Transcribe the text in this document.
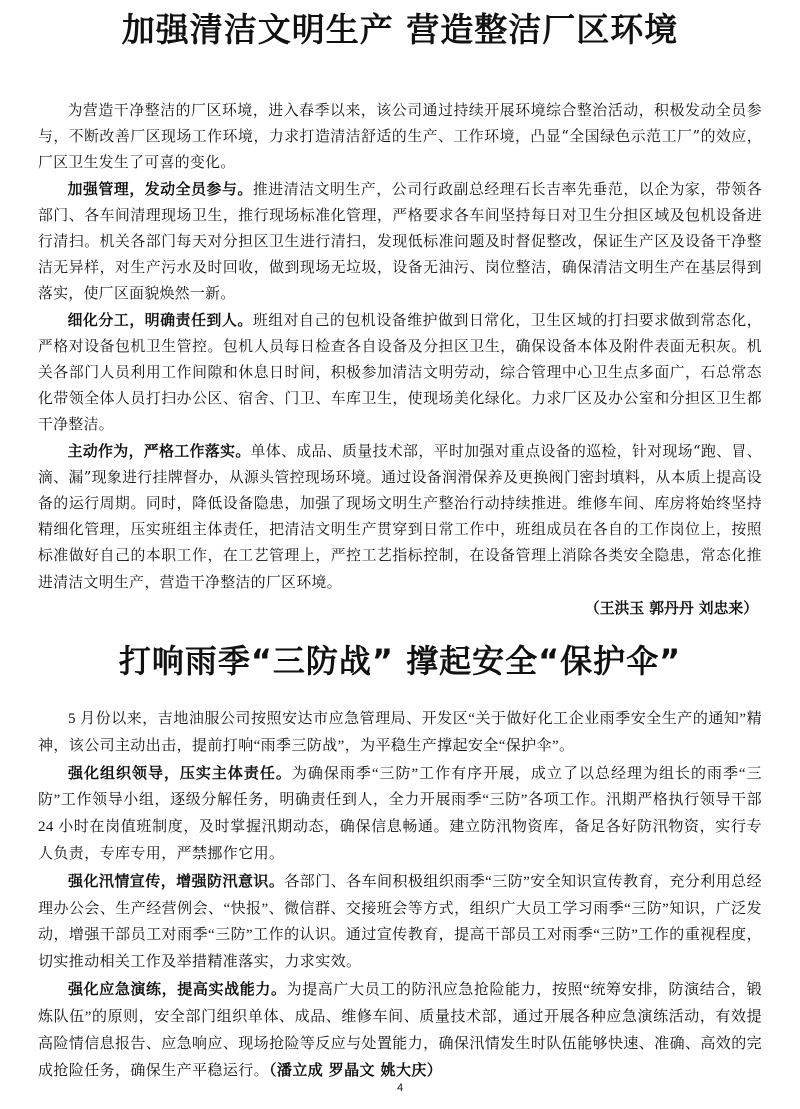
加强清洁文明生产 营造整洁厂区环境

为营造干净整洁的厂区环境，进入春季以来，该公司通过持续开展环境综合整治活动，积极发动全员参与，不断改善厂区现场工作环境，力求打造清洁舒适的生产、工作环境，凸显“全国绿色示范工厂”的效应，厂区卫生发生了可喜的变化。

加强管理，发动全员参与。推进清洁文明生产，公司行政副总经理石长吉率先垂范，以企为家，带领各部门、各车间清理现场卫生，推行现场标准化管理，严格要求各车间坚持每日对卫生分担区域及包机设备进行清扫。机关各部门每天对分担区卫生进行清扫，发现低标准问题及时督促整改，保证生产区及设备干净整洁无异样，对生产污水及时回收，做到现场无垃圾，设备无油污、岗位整洁，确保清洁文明生产在基层得到落实，使厂区面貌焕然一新。

细化分工，明确责任到人。班组对自己的包机设备维护做到日常化，卫生区域的打扫要求做到常态化，严格对设备包机卫生管控。包机人员每日检查各自设备及分担区卫生，确保设备本体及附件表面无积灰。机关各部门人员利用工作间隙和休息日时间，积极参加清洁文明劳动，综合管理中心卫生点多面广，石总常态化带领全体人员打扫办公区、宿舍、门卫、车库卫生，使现场美化绿化。力求厂区及办公室和分担区卫生都干净整洁。

主动作为，严格工作落实。单体、成品、质量技术部，平时加强对重点设备的巡检，针对现场“跑、冒、滴、漏”现象进行挂牌督办，从源头管控现场环境。通过设备润滑保养及更换阀门密封填料，从本质上提高设备的运行周期。同时，降低设备隐患，加强了现场文明生产整治行动持续推进。维修车间、库房将始终坚持精细化管理，压实班组主体责任，把清洁文明生产贯穿到日常工作中，班组成员在各自的工作岗位上，按照标准做好自己的本职工作，在工艺管理上，严控工艺指标控制，在设备管理上消除各类安全隐患，常态化推进清洁文明生产，营造干净整洁的厂区环境。

（王洪玉 郭丹丹 刘忠来）
打响雨季“三防战” 撑起安全“保护伞”

5 月份以来，吉地油服公司按照安达市应急管理局、开发区“关于做好化工企业雨季安全生产的通知”精神，该公司主动出击，提前打响“雨季三防战”，为平稳生产撑起安全“保护伞”。

强化组织领导，压实主体责任。为确保雨季“三防”工作有序开展，成立了以总经理为组长的雨季“三防”工作领导小组，逐级分解任务，明确责任到人，全力开展雨季“三防”各项工作。汛期严格执行领导干部 24 小时在岗值班制度，及时掌握汛期动态，确保信息畅通。建立防汛物资库，备足各好防汛物资，实行专人负责，专库专用，严禁挪作它用。

强化汛情宣传，增强防汛意识。各部门、各车间积极组织雨季“三防”安全知识宣传教育，充分利用总经理办公会、生产经营例会、“快报”、微信群、交接班会等方式，组织广大员工学习雨季“三防”知识，广泛发动，增强干部员工对雨季“三防”工作的认识。通过宣传教育，提高干部员工对雨季“三防”工作的重视程度，切实推动相关工作及举措精准落实，力求实效。

强化应急演练，提高实战能力。为提高广大员工的防汛应急抢险能力，按照“统筹安排，防演结合，锻炼队伍”的原则，安全部门组织单体、成品、维修车间、质量技术部，通过开展各种应急演练活动，有效提高险情信息报告、应急响应、现场抢险等反应与处置能力，确保汛情发生时队伍能够快速、准确、高效的完成抢险任务，确保生产平稳运行。（潘立成 罗晶文 姚大庆）

4
